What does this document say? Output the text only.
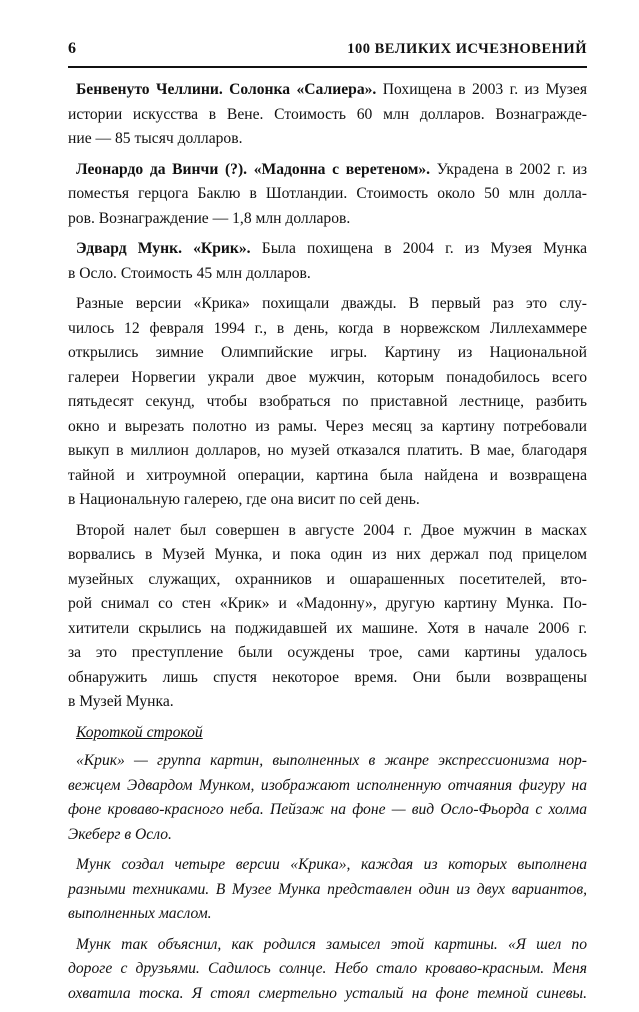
6	100 ВЕЛИКИХ ИСЧЕЗНОВЕНИЙ

Бенвенуто Челлини. Солонка «Салиера». Похищена в 2003 г. из Музея
истории искусства в Вене. Стоимость 60 млн долларов. Вознагражде-
ние — 85 тысяч долларов.

Леонардо да Винчи (?). «Мадонна с веретеном». Украдена в 2002 г. из
поместья герцога Баклю в Шотландии. Стоимость около 50 млн долла-
ров. Вознаграждение — 1,8 млн долларов.

Эдвард Мунк. «Крик». Была похищена в 2004 г. из Музея Мунка
в Осло. Стоимость 45 млн долларов.

Разные версии «Крика» похищали дважды. В первый раз это слу-
чилось 12 февраля 1994 г., в день, когда в норвежском Лиллехаммере
открылись зимние Олимпийские игры. Картину из Национальной
галереи Норвегии украли двое мужчин, которым понадобилось всего
пятьдесят секунд, чтобы взобраться по приставной лестнице, разбить
окно и вырезать полотно из рамы. Через месяц за картину потребовали
выкуп в миллион долларов, но музей отказался платить. В мае, благодаря
тайной и хитроумной операции, картина была найдена и возвращена
в Национальную галерею, где она висит по сей день.

Второй налет был совершен в августе 2004 г. Двое мужчин в масках
ворвались в Музей Мунка, и пока один из них держал под прицелом
музейных служащих, охранников и ошарашенных посетителей, вто-
рой снимал со стен «Крик» и «Мадонну», другую картину Мунка. По-
хитители скрылись на поджидавшей их машине. Хотя в начале 2006 г.
за это преступление были осуждены трое, сами картины удалось
обнаружить лишь спустя некоторое время. Они были возвращены
в Музей Мунка.

Короткой строкой

«Крик» — группа картин, выполненных в жанре экспрессионизма нор-
вежцем Эдвардом Мунком, изображают исполненную отчаяния фигуру на
фоне кроваво-красного неба. Пейзаж на фоне — вид Осло-Фьорда с холма
Экеберг в Осло.

Мунк создал четыре версии «Крика», каждая из которых выполнена
разными техниками. В Музее Мунка представлен один из двух вариантов,
выполненных маслом.

Мунк так объяснил, как родился замысел этой картины. «Я шел по
дороге с друзьями. Садилось солнце. Небо стало кроваво-красным. Меня
охватила тоска. Я стоял смертельно усталый на фоне темной синевы.
